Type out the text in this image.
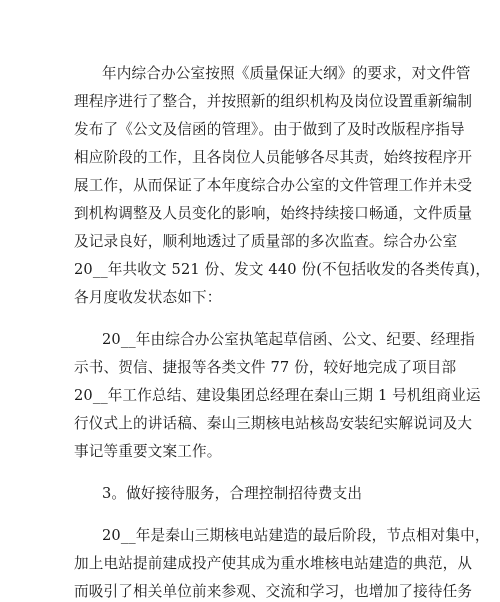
年内综合办公室按照《质量保证大纲》的要求，对文件管
理程序进行了整合，并按照新的组织机构及岗位设置重新编制
发布了《公文及信函的管理》。由于做到了及时改版程序指导
相应阶段的工作，且各岗位人员能够各尽其责，始终按程序开
展工作，从而保证了本年度综合办公室的文件管理工作并未受
到机构调整及人员变化的影响，始终持续接口畅通，文件质量
及记录良好，顺利地透过了质量部的多次监查。综合办公室
20__年共收文 521 份、发文 440 份(不包括收发的各类传真)，
各月度收发状态如下：
20__年由综合办公室执笔起草信函、公文、纪要、经理指
示书、贺信、捷报等各类文件 77 份，较好地完成了项目部
20__年工作总结、建设集团总经理在秦山三期 1 号机组商业运
行仪式上的讲话稿、秦山三期核电站核岛安装纪实解说词及大
事记等重要文案工作。
3。做好接待服务，合理控制招待费支出
20__年是秦山三期核电站建造的最后阶段，节点相对集中，
加上电站提前建成投产使其成为重水堆核电站建造的典范，从
而吸引了相关单位前来参观、交流和学习，也增加了接待任务
